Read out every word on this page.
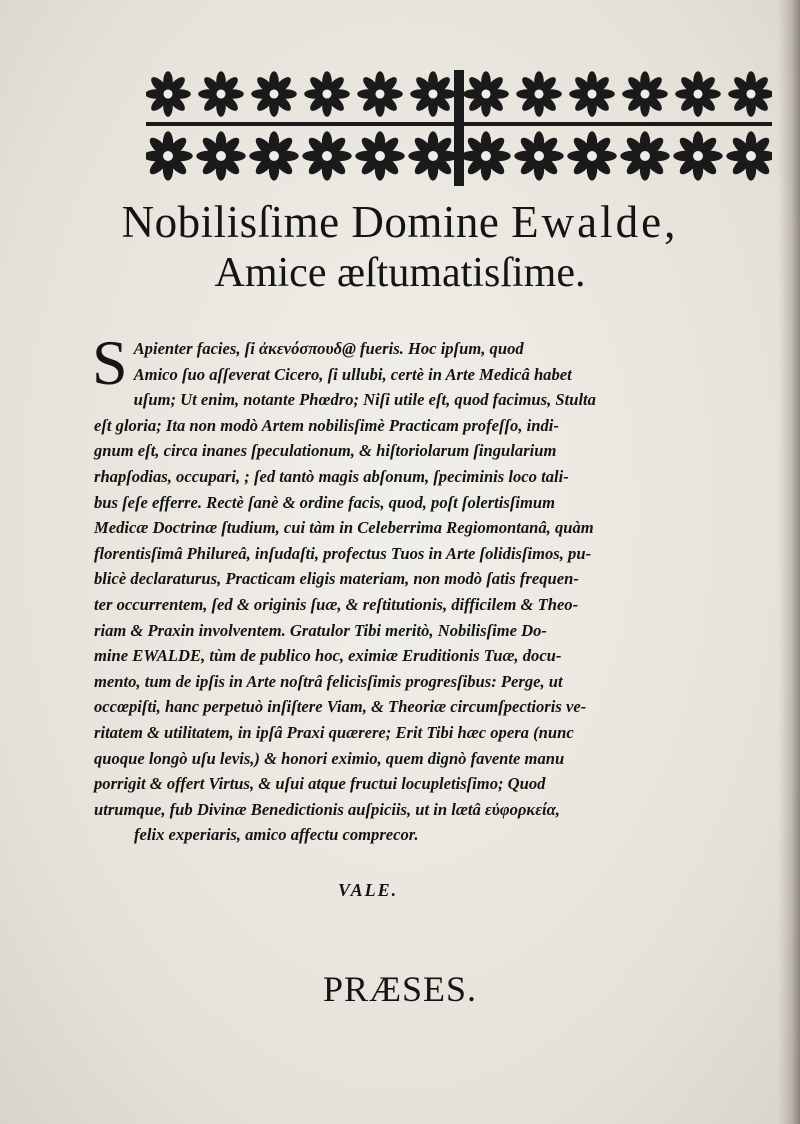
Nobilisſime Domine Ewalde,
Amice æſtumatisſime.
S Apienter facies, ſi ἀκενόσπουδ@ fueris. Hoc ipſum, quod
Amico ſuo aſſeverat Cicero, ſi ullubi, certè in Arte Medicâ habet
uſum; Ut enim, notante Phœdro; Niſi utile eſt, quod facimus, Stulta
eſt gloria; Ita non modò Artem nobilisſimè Practicam profeſſo, indi-
gnum eſt, circa inanes ſpeculationum, & hiſtoriolarum ſingularium
rhapſodias, occupari, ; ſed tantò magis abſonum, ſpeciminis loco tali-
bus ſeſe efferre. Rectè ſanè & ordine facis, quod, poſt ſolertisſimum
Medicæ Doctrinæ ſtudium, cui tàm in Celeberrima Regiomontanâ, quàm
florentisſimâ Philureâ, inſudaſti, profectus Tuos in Arte ſolidisſimos, pu-
blicè declaraturus, Practicam eligis materiam, non modò ſatis frequen-
ter occurrentem, ſed & originis ſuæ, & reſtitutionis, difficilem & Theo-
riam & Praxin involventem. Gratulor Tibi meritò, Nobilisſime Do-
mine EWALDE, tùm de publico hoc, eximiæ Eruditionis Tuæ, docu-
mento, tum de ipſis in Arte noſtrâ felicisſimis progresſibus: Perge, ut
occœpiſti, hanc perpetuò inſiſtere Viam, & Theoriæ circumſpectioris ve-
ritatem & utilitatem, in ipſâ Praxi quærere; Erit Tibi hæc opera (nunc
quoque longò uſu levis,) & honori eximio, quem dignò favente manu
porrigit & offert Virtus, & uſui atque fructui locupletisſimo; Quod
utrumque, fub Divinæ Benedictionis auſpiciis, ut in lætâ εὐφορκεία,
felix experiaris, amico affectu comprecor.
VALE.
PRÆSES.
